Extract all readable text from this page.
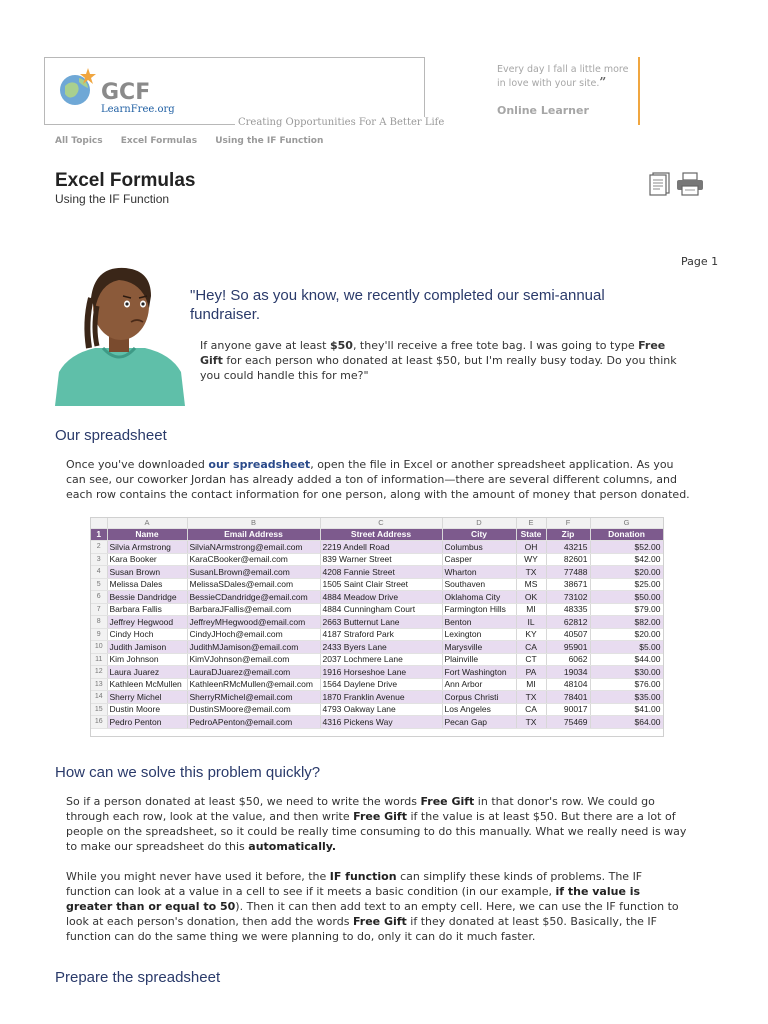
GCF
LearnFree.org
Creating Opportunities For A Better Life
Every day I fall a little more
in love with your site.”
Online Learner
All Topics Excel Formulas Using the IF Function
Excel Formulas
Using the IF Function
Page 1
"Hey! So as you know, we recently completed our semi-annual fundraiser.
If anyone gave at least $50, they'll receive a free tote bag. I was going to type Free Gift for each person who donated at least $50, but I'm really busy today. Do you think you could handle this for me?"
Our spreadsheet
Once you've downloaded our spreadsheet, open the file in Excel or another spreadsheet application. As you can see, our coworker Jordan has already added a ton of information—there are several different columns, and each row contains the contact information for one person, along with the amount of money that person donated.
	A	B	C	D	E	F	G
1	Name	Email Address	Street Address	City	State	Zip	Donation
2	Silvia Armstrong	SilviaNArmstrong@email.com	2219 Andell Road	Columbus	OH	43215	$52.00
3	Kara Booker	KaraCBooker@email.com	839 Warner Street	Casper	WY	82601	$42.00
4	Susan Brown	SusanLBrown@email.com	4208 Fannie Street	Wharton	TX	77488	$20.00
5	Melissa Dales	MelissaSDales@email.com	1505 Saint Clair Street	Southaven	MS	38671	$25.00
6	Bessie Dandridge	BessieCDandridge@email.com	4884 Meadow Drive	Oklahoma City	OK	73102	$50.00
7	Barbara Fallis	BarbaraJFallis@email.com	4884 Cunningham Court	Farmington Hills	MI	48335	$79.00
8	Jeffrey Hegwood	JeffreyMHegwood@email.com	2663 Butternut Lane	Benton	IL	62812	$82.00
9	Cindy Hoch	CindyJHoch@email.com	4187 Straford Park	Lexington	KY	40507	$20.00
10	Judith Jamison	JudithMJamison@email.com	2433 Byers Lane	Marysville	CA	95901	$5.00
11	Kim Johnson	KimVJohnson@email.com	2037 Lochmere Lane	Plainville	CT	6062	$44.00
12	Laura Juarez	LauraDJuarez@email.com	1916 Horseshoe Lane	Fort Washington	PA	19034	$30.00
13	Kathleen McMullen	KathleenRMcMullen@email.com	1564 Daylene Drive	Ann Arbor	MI	48104	$76.00
14	Sherry Michel	SherryRMichel@email.com	1870 Franklin Avenue	Corpus Christi	TX	78401	$35.00
15	Dustin Moore	DustinSMoore@email.com	4793 Oakway Lane	Los Angeles	CA	90017	$41.00
16	Pedro Penton	PedroAPenton@email.com	4316 Pickens Way	Pecan Gap	TX	75469	$64.00
How can we solve this problem quickly?
So if a person donated at least $50, we need to write the words Free Gift in that donor's row. We could go through each row, look at the value, and then write Free Gift if the value is at least $50. But there are a lot of people on the spreadsheet, so it could be really time consuming to do this manually. What we really need is way to make our spreadsheet do this automatically.
While you might never have used it before, the IF function can simplify these kinds of problems. The IF function can look at a value in a cell to see if it meets a basic condition (in our example, if the value is greater than or equal to 50). Then it can then add text to an empty cell. Here, we can use the IF function to look at each person's donation, then add the words Free Gift if they donated at least $50. Basically, the IF function can do the same thing we were planning to do, only it can do it much faster.
Prepare the spreadsheet
